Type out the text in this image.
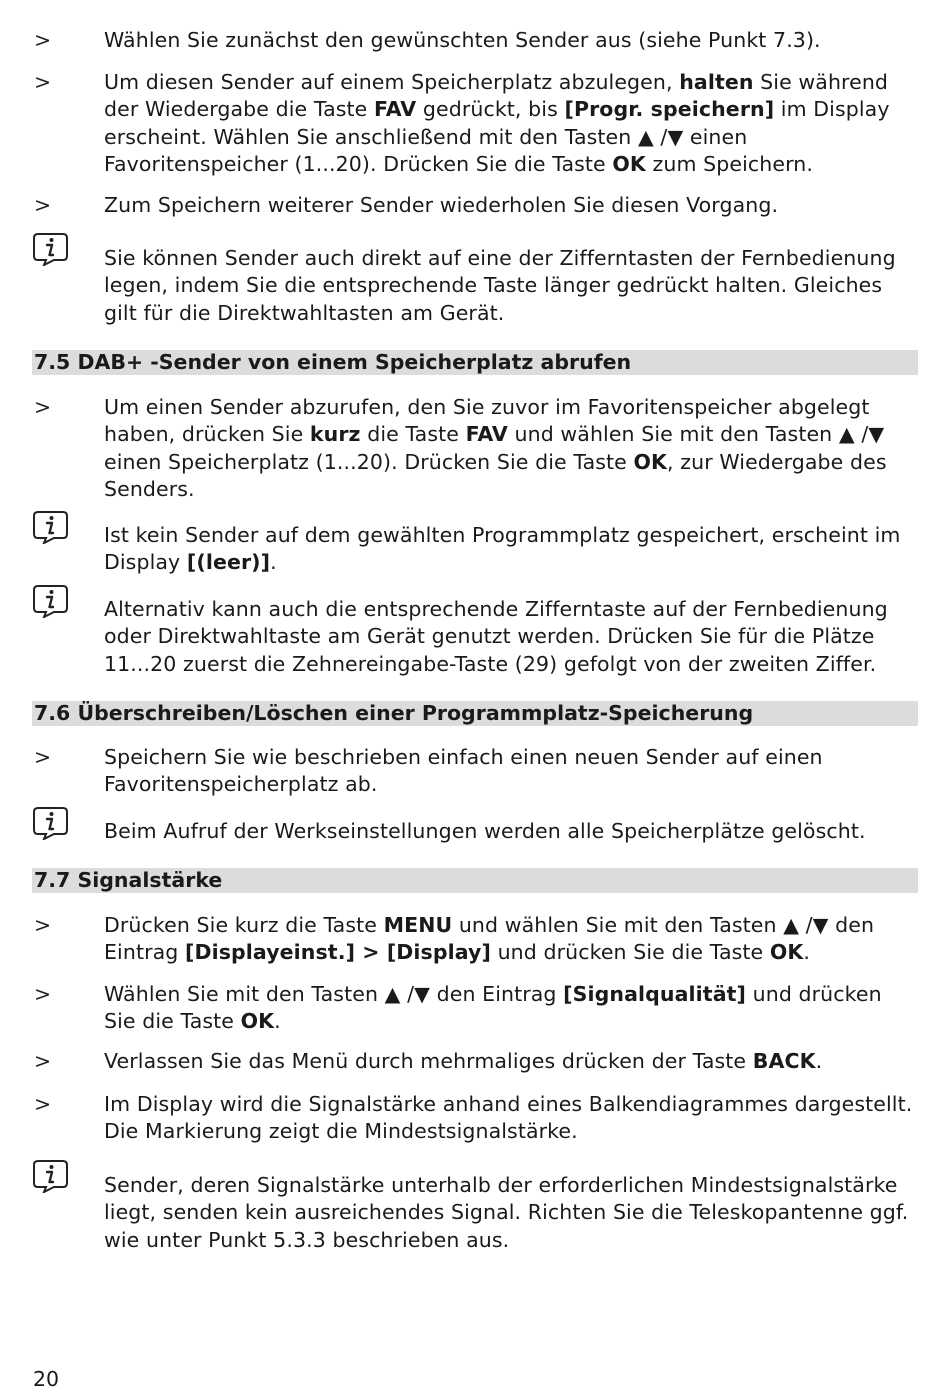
>	Wählen Sie zunächst den gewünschten Sender aus (siehe Punkt 7.3).
>	Um diesen Sender auf einem Speicherplatz abzulegen, halten Sie während der Wiedergabe die Taste FAV gedrückt, bis [Progr. speichern] im Display erscheint. Wählen Sie anschließend mit den Tasten ▲ /▼ einen Favoritenspeicher (1...20). Drücken Sie die Taste OK zum Speichern.
>	Zum Speichern weiterer Sender wiederholen Sie diesen Vorgang.
Sie können Sender auch direkt auf eine der Zifferntasten der Fernbedienung legen, indem Sie die entsprechende Taste länger gedrückt halten. Gleiches gilt für die Direktwahltasten am Gerät.
7.5 DAB+ -Sender von einem Speicherplatz abrufen
>	Um einen Sender abzurufen, den Sie zuvor im Favoritenspeicher abgelegt haben, drücken Sie kurz die Taste FAV und wählen Sie mit den Tasten ▲ /▼ einen Speicherplatz (1...20). Drücken Sie die Taste OK, zur Wiedergabe des Senders.
Ist kein Sender auf dem gewählten Programmplatz gespeichert, erscheint im Display [(leer)].
Alternativ kann auch die entsprechende Zifferntaste auf der Fernbedienung oder Direktwahltaste am Gerät genutzt werden. Drücken Sie für die Plätze 11...20 zuerst die Zehnereingabe-Taste (29) gefolgt von der zweiten Ziffer.
7.6 Überschreiben/Löschen einer Programmplatz-Speicherung
>	Speichern Sie wie beschrieben einfach einen neuen Sender auf einen Favoritenspeicherplatz ab.
Beim Aufruf der Werkseinstellungen werden alle Speicherplätze gelöscht.
7.7 Signalstärke
>	Drücken Sie kurz die Taste MENU und wählen Sie mit den Tasten ▲ /▼ den Eintrag [Displayeinst.] > [Display] und drücken Sie die Taste OK.
>	Wählen Sie mit den Tasten ▲ /▼ den Eintrag [Signalqualität] und drücken Sie die Taste OK.
>	Verlassen Sie das Menü durch mehrmaliges drücken der Taste BACK.
>	Im Display wird die Signalstärke anhand eines Balkendiagrammes dargestellt. Die Markierung zeigt die Mindestsignalstärke.
Sender, deren Signalstärke unterhalb der erforderlichen Mindestsignalstärke liegt, senden kein ausreichendes Signal. Richten Sie die Teleskopantenne ggf. wie unter Punkt 5.3.3 beschrieben aus.
20
